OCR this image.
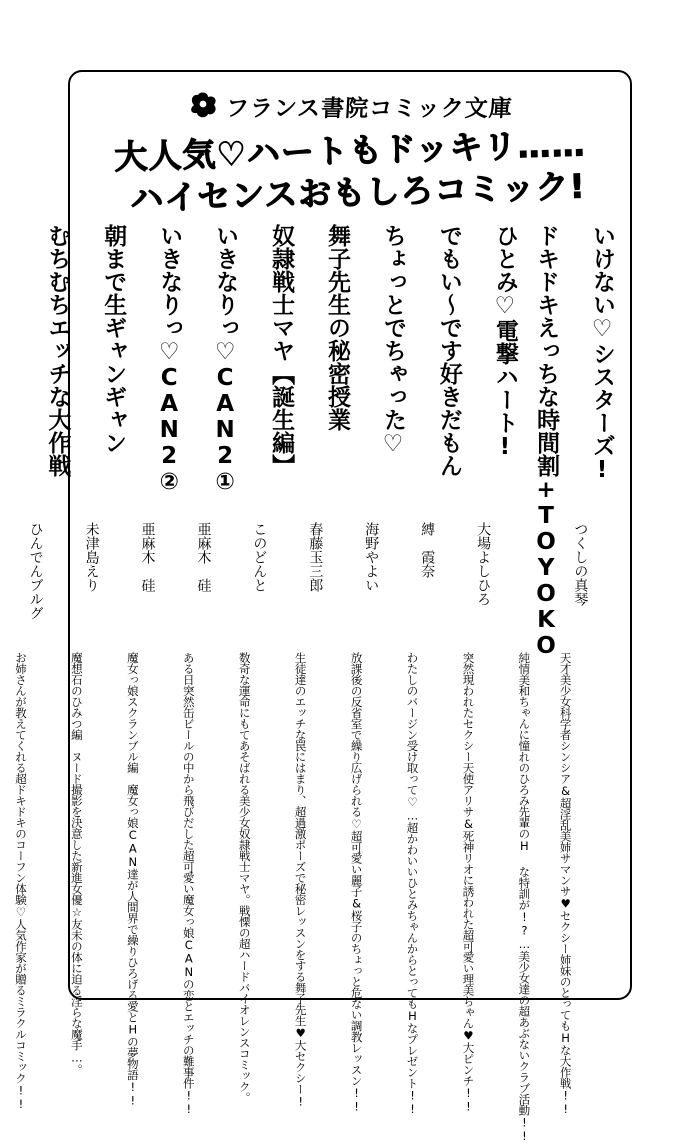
フランス書院コミック文庫
大人気♡ハートもドッキリ……
ハイセンスおもしろコミック!
いけない♡シスターズ!
つくしの真琴
天才美少女科学者シンシア&超淫乱美姉サマンサ♥セクシー姉妹のとってもHな大作戦!!
ドキドキえっちな時間割+TOYOKO
純情美和ちゃんに憧れのひろみ先輩のH な特訓が!?…美少女達の超あぶないクラブ活動!!
ひとみ♡電撃ハート!
大場よしひろ
突然現われたセクシー天使アリサ&死神リオに誘われた超可愛い理美ちゃん♥大ピンチ!!
でもい～です好きだもん
縛　霞奈
わたしのバージン受け取って♡…超かわいいひとみちゃんからとってもHなプレゼント!!
ちょっとでちゃった♡
海野やよい
放課後の反省室で繰り広げられる♡超可愛い麗子&桜子のちょっと危ない調教レッスン!!
舞子先生の秘密授業
春藤玉三郎
生徒達のエッチな罠にはまり、超過激ポーズで秘密レッスンをする舞子先生♥大セクシー!
奴隷戦士マヤ【誕生編】
このどんと
数奇な運命にもてあそばれる美少女奴隷戦士マヤ。戦慄の超ハードバイオレンスコミック。
いきなりっ♡CAN2①
亜麻木　硅
ある日突然缶ビールの中から飛びだした超可愛い魔女っ娘CANの恋とエッチの難事件!!
いきなりっ♡CAN2②
亜麻木　硅
魔女っ娘スクランブル編　魔女っ娘CAN達が人間界で繰りひろげる愛とHの夢物語!!
朝まで生ギャンギャン
未津島えり
魔想石のひみつ編　ヌード撮影を決意した新進女優☆友未の体に迫る淫らな魔手…。
むちむちエッチな大作戦
ひんでんブルグ
お姉さんが教えてくれる超ドキドキのコーフン体験♡人気作家が贈るミラクルコミック!!
